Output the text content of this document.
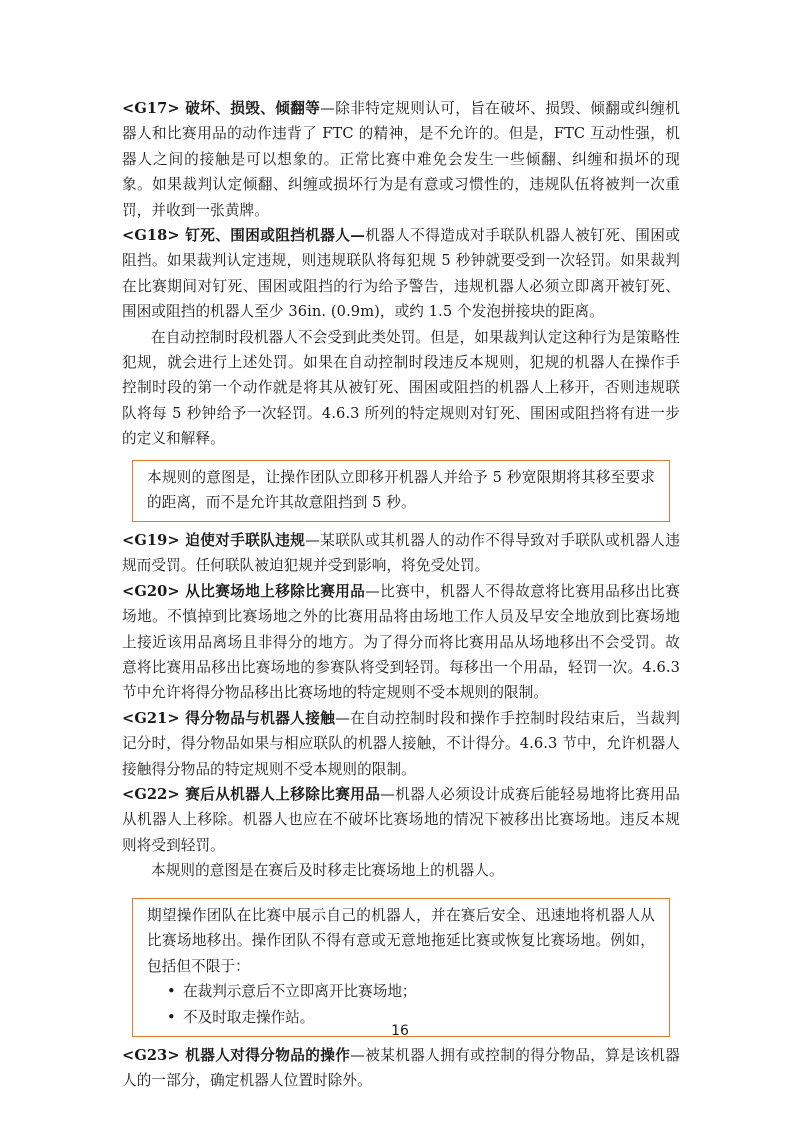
<G17> 破坏、损毁、倾翻等—除非特定规则认可，旨在破坏、损毁、倾翻或纠缠机器人和比赛用品的动作违背了 FTC 的精神，是不允许的。但是，FTC 互动性强，机器人之间的接触是可以想象的。正常比赛中难免会发生一些倾翻、纠缠和损坏的现象。如果裁判认定倾翻、纠缠或损坏行为是有意或习惯性的，违规队伍将被判一次重罚，并收到一张黄牌。

<G18> 钉死、围困或阻挡机器人—机器人不得造成对手联队机器人被钉死、围困或阻挡。如果裁判认定违规，则违规联队将每犯规 5 秒钟就要受到一次轻罚。如果裁判在比赛期间对钉死、围困或阻挡的行为给予警告，违规机器人必须立即离开被钉死、围困或阻挡的机器人至少 36in. (0.9m)，或约 1.5 个发泡拼接块的距离。

在自动控制时段机器人不会受到此类处罚。但是，如果裁判认定这种行为是策略性犯规，就会进行上述处罚。如果在自动控制时段违反本规则，犯规的机器人在操作手控制时段的第一个动作就是将其从被钉死、围困或阻挡的机器人上移开，否则违规联队将每 5 秒钟给予一次轻罚。4.6.3 所列的特定规则对钉死、围困或阻挡将有进一步的定义和解释。

本规则的意图是，让操作团队立即移开机器人并给予 5 秒宽限期将其移至要求的距离，而不是允许其故意阻挡到 5 秒。

<G19> 迫使对手联队违规—某联队或其机器人的动作不得导致对手联队或机器人违规而受罚。任何联队被迫犯规并受到影响，将免受处罚。

<G20> 从比赛场地上移除比赛用品—比赛中，机器人不得故意将比赛用品移出比赛场地。不慎掉到比赛场地之外的比赛用品将由场地工作人员及早安全地放到比赛场地上接近该用品离场且非得分的地方。为了得分而将比赛用品从场地移出不会受罚。故意将比赛用品移出比赛场地的参赛队将受到轻罚。每移出一个用品，轻罚一次。4.6.3 节中允许将得分物品移出比赛场地的特定规则不受本规则的限制。

<G21> 得分物品与机器人接触—在自动控制时段和操作手控制时段结束后，当裁判记分时，得分物品如果与相应联队的机器人接触，不计得分。4.6.3 节中，允许机器人接触得分物品的特定规则不受本规则的限制。

<G22> 赛后从机器人上移除比赛用品—机器人必须设计成赛后能轻易地将比赛用品从机器人上移除。机器人也应在不破坏比赛场地的情况下被移出比赛场地。违反本规则将受到轻罚。

本规则的意图是在赛后及时移走比赛场地上的机器人。

期望操作团队在比赛中展示自己的机器人，并在赛后安全、迅速地将机器人从比赛场地移出。操作团队不得有意或无意地拖延比赛或恢复比赛场地。例如，包括但不限于：

• 在裁判示意后不立即离开比赛场地；
• 不及时取走操作站。

<G23> 机器人对得分物品的操作—被某机器人拥有或控制的得分物品，算是该机器人的一部分，确定机器人位置时除外。

16
